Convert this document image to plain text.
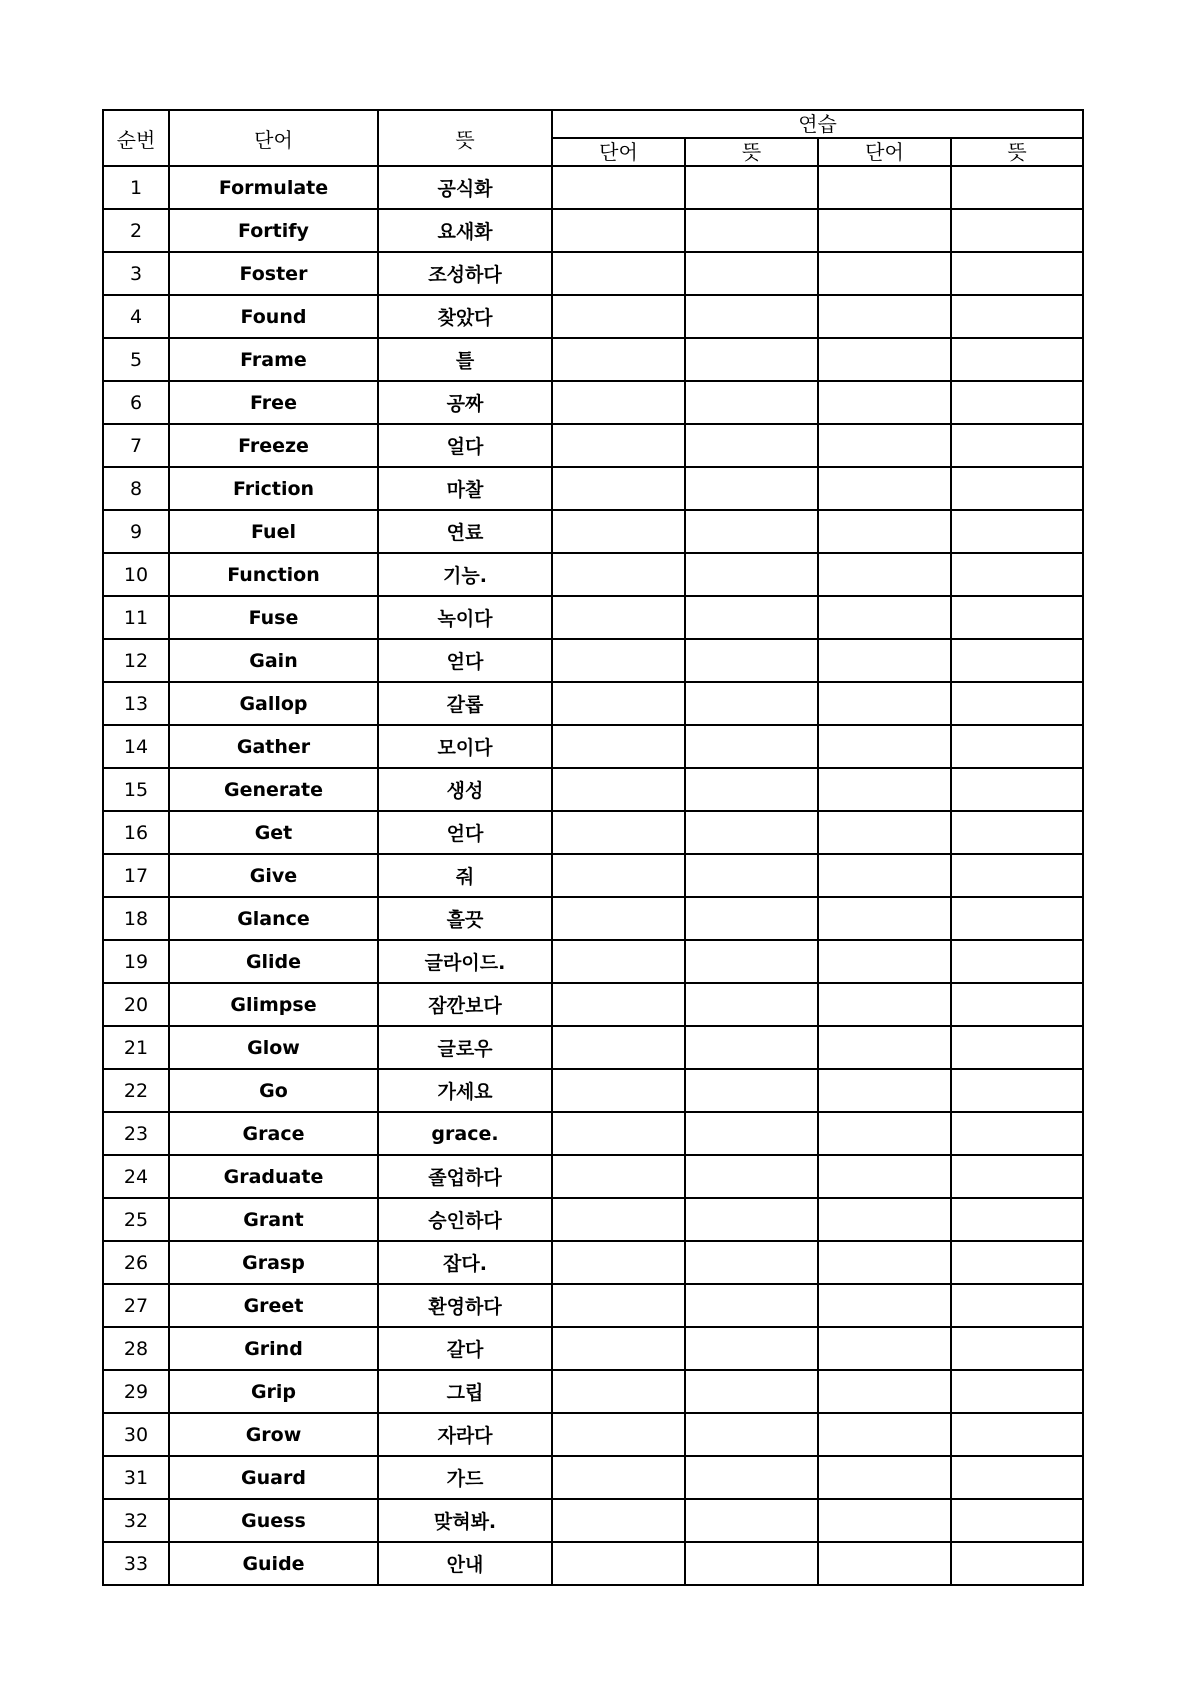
순번	단어	뜻	연습			
			단어	뜻	단어	뜻
1	Formulate	공식화				
2	Fortify	요새화				
3	Foster	조성하다				
4	Found	찾았다				
5	Frame	틀				
6	Free	공짜				
7	Freeze	얼다				
8	Friction	마찰				
9	Fuel	연료				
10	Function	기능.				
11	Fuse	녹이다				
12	Gain	얻다				
13	Gallop	갈롭				
14	Gather	모이다				
15	Generate	생성				
16	Get	얻다				
17	Give	줘				
18	Glance	흘끗				
19	Glide	글라이드.				
20	Glimpse	잠깐보다				
21	Glow	글로우				
22	Go	가세요				
23	Grace	grace.				
24	Graduate	졸업하다				
25	Grant	승인하다				
26	Grasp	잡다.				
27	Greet	환영하다				
28	Grind	갈다				
29	Grip	그립				
30	Grow	자라다				
31	Guard	가드				
32	Guess	맞혀봐.				
33	Guide	안내				
